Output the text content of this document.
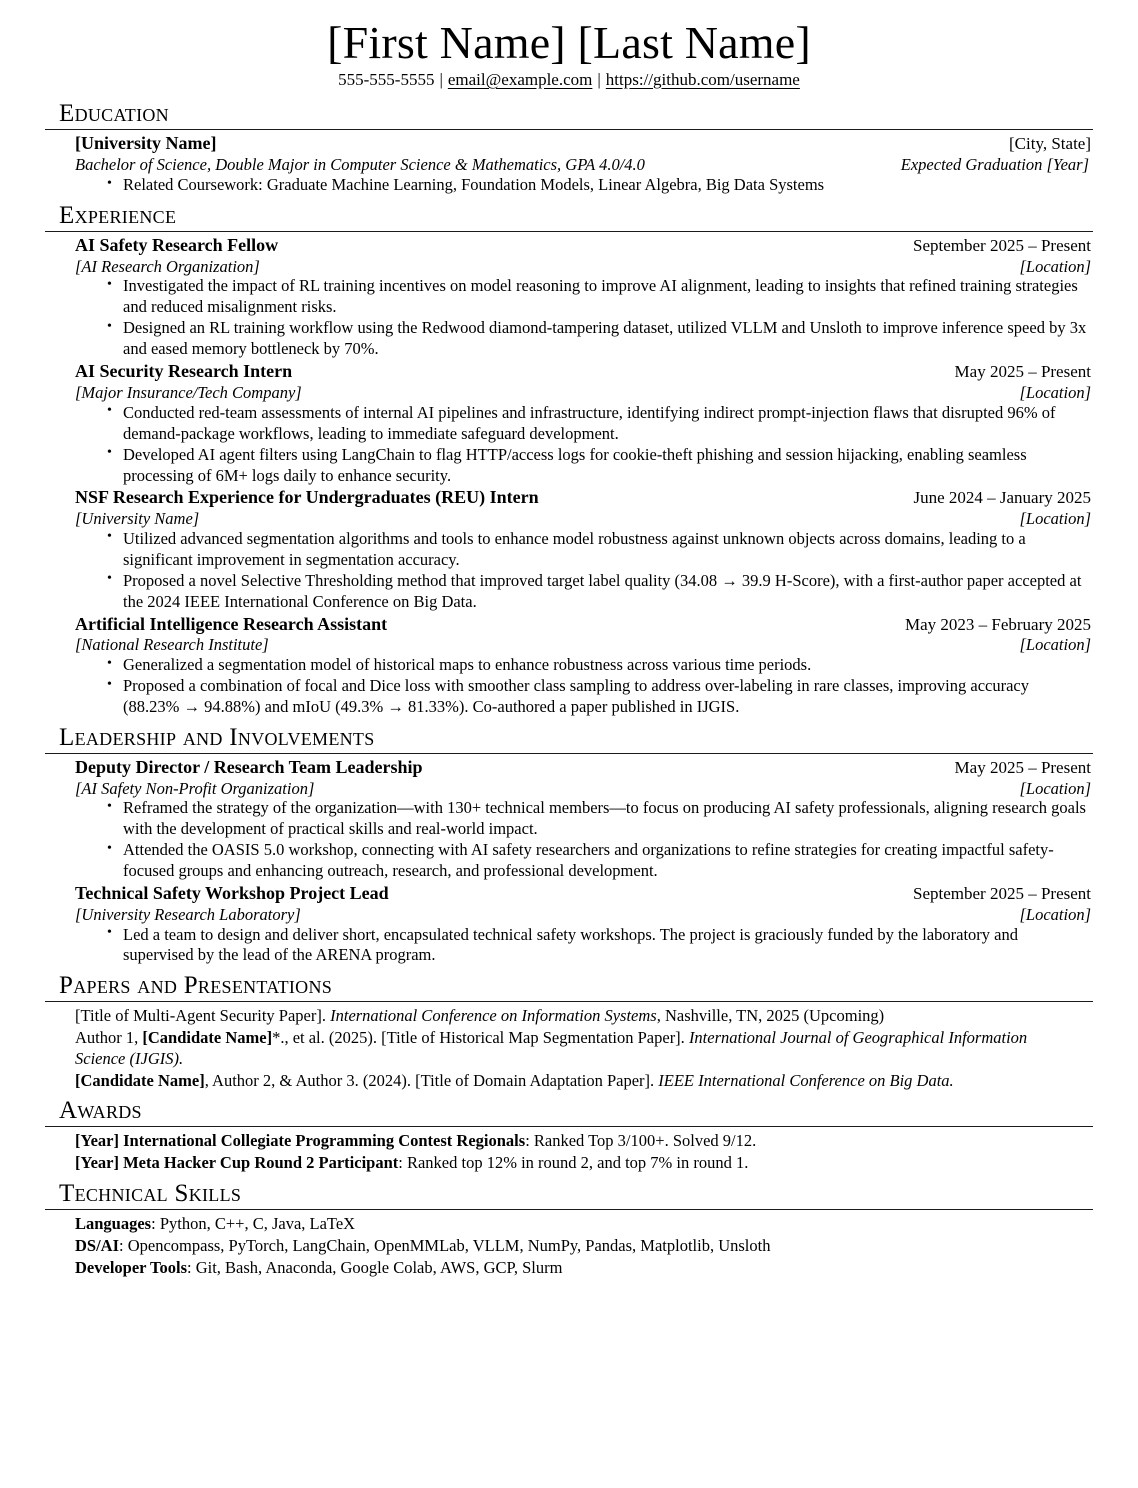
[First Name] [Last Name]
555-555-5555 | email@example.com | https://github.com/username
Education
[University Name]	[City, State]
Bachelor of Science, Double Major in Computer Science & Mathematics, GPA 4.0/4.0	Expected Graduation [Year]
• Related Coursework: Graduate Machine Learning, Foundation Models, Linear Algebra, Big Data Systems
Experience
AI Safety Research Fellow	September 2025 – Present
[AI Research Organization]	[Location]
• Investigated the impact of RL training incentives on model reasoning to improve AI alignment, leading to insights that refined training strategies and reduced misalignment risks.
• Designed an RL training workflow using the Redwood diamond-tampering dataset, utilized VLLM and Unsloth to improve inference speed by 3x and eased memory bottleneck by 70%.
AI Security Research Intern	May 2025 – Present
[Major Insurance/Tech Company]	[Location]
• Conducted red-team assessments of internal AI pipelines and infrastructure, identifying indirect prompt-injection flaws that disrupted 96% of demand-package workflows, leading to immediate safeguard development.
• Developed AI agent filters using LangChain to flag HTTP/access logs for cookie-theft phishing and session hijacking, enabling seamless processing of 6M+ logs daily to enhance security.
NSF Research Experience for Undergraduates (REU) Intern	June 2024 – January 2025
[University Name]	[Location]
• Utilized advanced segmentation algorithms and tools to enhance model robustness against unknown objects across domains, leading to a significant improvement in segmentation accuracy.
• Proposed a novel Selective Thresholding method that improved target label quality (34.08 → 39.9 H-Score), with a first-author paper accepted at the 2024 IEEE International Conference on Big Data.
Artificial Intelligence Research Assistant	May 2023 – February 2025
[National Research Institute]	[Location]
• Generalized a segmentation model of historical maps to enhance robustness across various time periods.
• Proposed a combination of focal and Dice loss with smoother class sampling to address over-labeling in rare classes, improving accuracy (88.23% → 94.88%) and mIoU (49.3% → 81.33%). Co-authored a paper published in IJGIS.
Leadership and Involvements
Deputy Director / Research Team Leadership	May 2025 – Present
[AI Safety Non-Profit Organization]	[Location]
• Reframed the strategy of the organization—with 130+ technical members—to focus on producing AI safety professionals, aligning research goals with the development of practical skills and real-world impact.
• Attended the OASIS 5.0 workshop, connecting with AI safety researchers and organizations to refine strategies for creating impactful safety-focused groups and enhancing outreach, research, and professional development.
Technical Safety Workshop Project Lead	September 2025 – Present
[University Research Laboratory]	[Location]
• Led a team to design and deliver short, encapsulated technical safety workshops. The project is graciously funded by the laboratory and supervised by the lead of the ARENA program.
Papers and Presentations
[Title of Multi-Agent Security Paper]. International Conference on Information Systems, Nashville, TN, 2025 (Upcoming)
Author 1, [Candidate Name]*., et al. (2025). [Title of Historical Map Segmentation Paper]. International Journal of Geographical Information Science (IJGIS).
[Candidate Name], Author 2, & Author 3. (2024). [Title of Domain Adaptation Paper]. IEEE International Conference on Big Data.
Awards
[Year] International Collegiate Programming Contest Regionals: Ranked Top 3/100+. Solved 9/12.
[Year] Meta Hacker Cup Round 2 Participant: Ranked top 12% in round 2, and top 7% in round 1.
Technical Skills
Languages: Python, C++, C, Java, LaTeX
DS/AI: Opencompass, PyTorch, LangChain, OpenMMLab, VLLM, NumPy, Pandas, Matplotlib, Unsloth
Developer Tools: Git, Bash, Anaconda, Google Colab, AWS, GCP, Slurm
